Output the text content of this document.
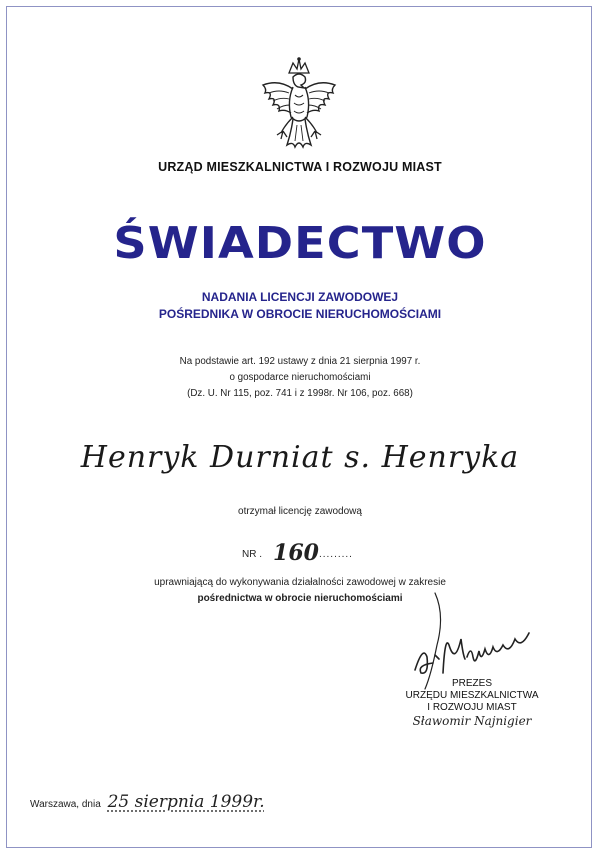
URZĄD MIESZKALNICTWA I ROZWOJU MIAST
ŚWIADECTWO
NADANIA LICENCJI ZAWODOWEJ
POŚREDNIKA W OBROCIE NIERUCHOMOŚCIAMI
Na podstawie art. 192 ustawy z dnia 21 sierpnia 1997 r.
o gospodarce nieruchomościami
(Dz. U. Nr 115, poz. 741 i z 1998r. Nr 106, poz. 668)
Henryk Durniat s. Henryka
otrzymał licencję zawodową
NR . 160.........
uprawniającą do wykonywania działalności zawodowej w zakresie
pośrednictwa w obrocie nieruchomościami
PREZES
URZĘDU MIESZKALNICTWA
I ROZWOJU MIAST
Sławomir Najnigier
Warszawa, dnia 25 sierpnia 1999r.
